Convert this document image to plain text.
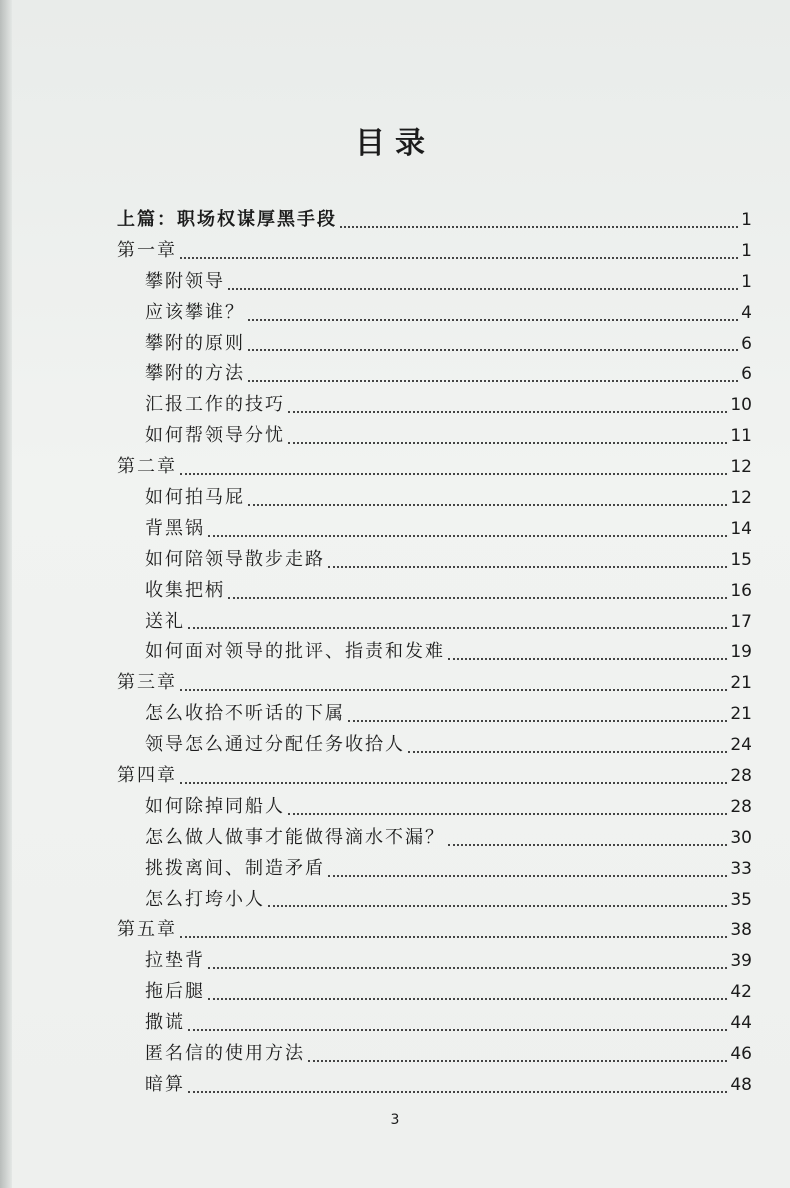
目录
上篇：职场权谋厚黑手段	1
第一章	1
攀附领导	1
应该攀谁？	4
攀附的原则	6
攀附的方法	6
汇报工作的技巧	10
如何帮领导分忧	11
第二章	12
如何拍马屁	12
背黑锅	14
如何陪领导散步走路	15
收集把柄	16
送礼	17
如何面对领导的批评、指责和发难	19
第三章	21
怎么收拾不听话的下属	21
领导怎么通过分配任务收拾人	24
第四章	28
如何除掉同船人	28
怎么做人做事才能做得滴水不漏？	30
挑拨离间、制造矛盾	33
怎么打垮小人	35
第五章	38
拉垫背	39
拖后腿	42
撒谎	44
匿名信的使用方法	46
暗算	48
3
